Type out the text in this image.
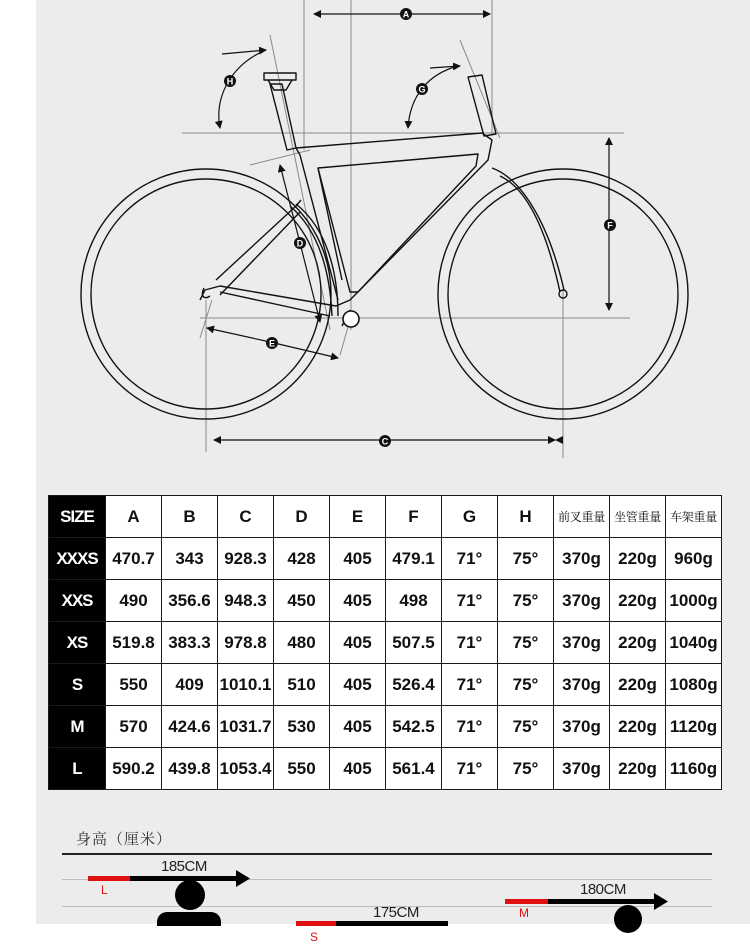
A
H
G
F
D
E
C
B
SIZE	A	B	C	D	E	F	G	H	前叉重量	坐管重量	车架重量
XXXS	470.7	343	928.3	428	405	479.1	71°	75°	370g	220g	960g
XXS	490	356.6	948.3	450	405	498	71°	75°	370g	220g	1000g
XS	519.8	383.3	978.8	480	405	507.5	71°	75°	370g	220g	1040g
S	550	409	1010.1	510	405	526.4	71°	75°	370g	220g	1080g
M	570	424.6	1031.7	530	405	542.5	71°	75°	370g	220g	1120g
L	590.2	439.8	1053.4	550	405	561.4	71°	75°	370g	220g	1160g
身高（厘米）
185CM
L
175CM
S
180CM
M
